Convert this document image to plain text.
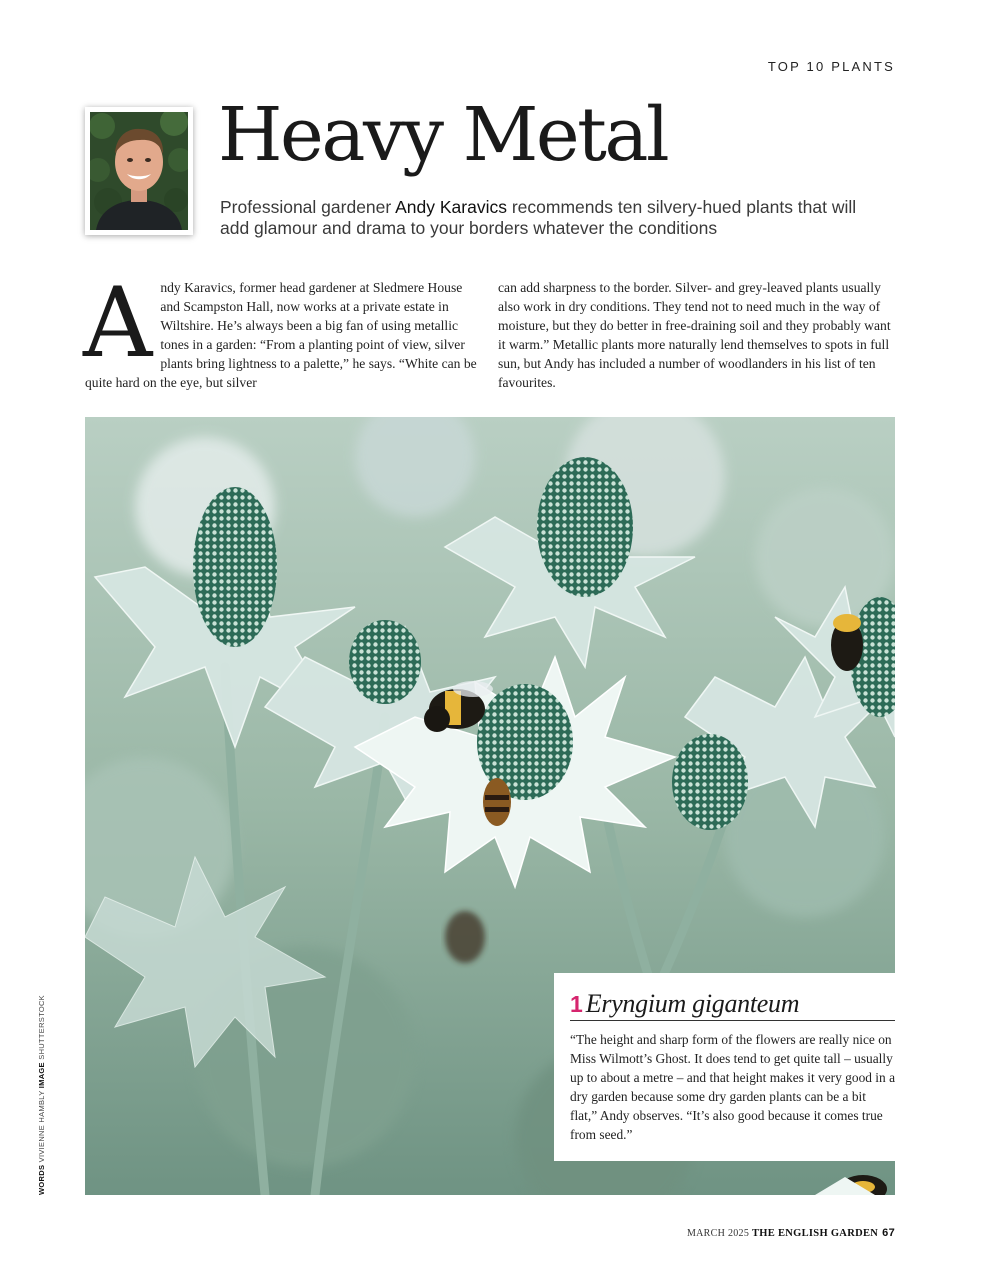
TOP 10 PLANTS
Heavy Metal
Professional gardener Andy Karavics recommends ten silvery-hued plants that will add glamour and drama to your borders whatever the conditions

Andy Karavics, former head gardener at Sledmere House and Scampston Hall, now works at a private estate in Wiltshire. He’s always been a big fan of using metallic tones in a garden: “From a planting point of view, silver plants bring lightness to a palette,” he says. “White can be quite hard on the eye, but silver

can add sharpness to the border. Silver- and grey-leaved plants usually also work in dry conditions. They tend not to need much in the way of moisture, but they do better in free-draining soil and they probably want it warm.” Metallic plants more naturally lend themselves to spots in full sun, but Andy has included a number of woodlanders in his list of ten favourites.

1 Eryngium giganteum

“The height and sharp form of the flowers are really nice on Miss Wilmott’s Ghost. It does tend to get quite tall – usually up to about a metre – and that height makes it very good in a dry garden because some dry garden plants can be a bit flat,” Andy observes. “It’s also good because it comes true from seed.”

WORDS VIVIENNE HAMBLY IMAGE SHUTTERSTOCK
MARCH 2025 THE ENGLISH GARDEN 67
